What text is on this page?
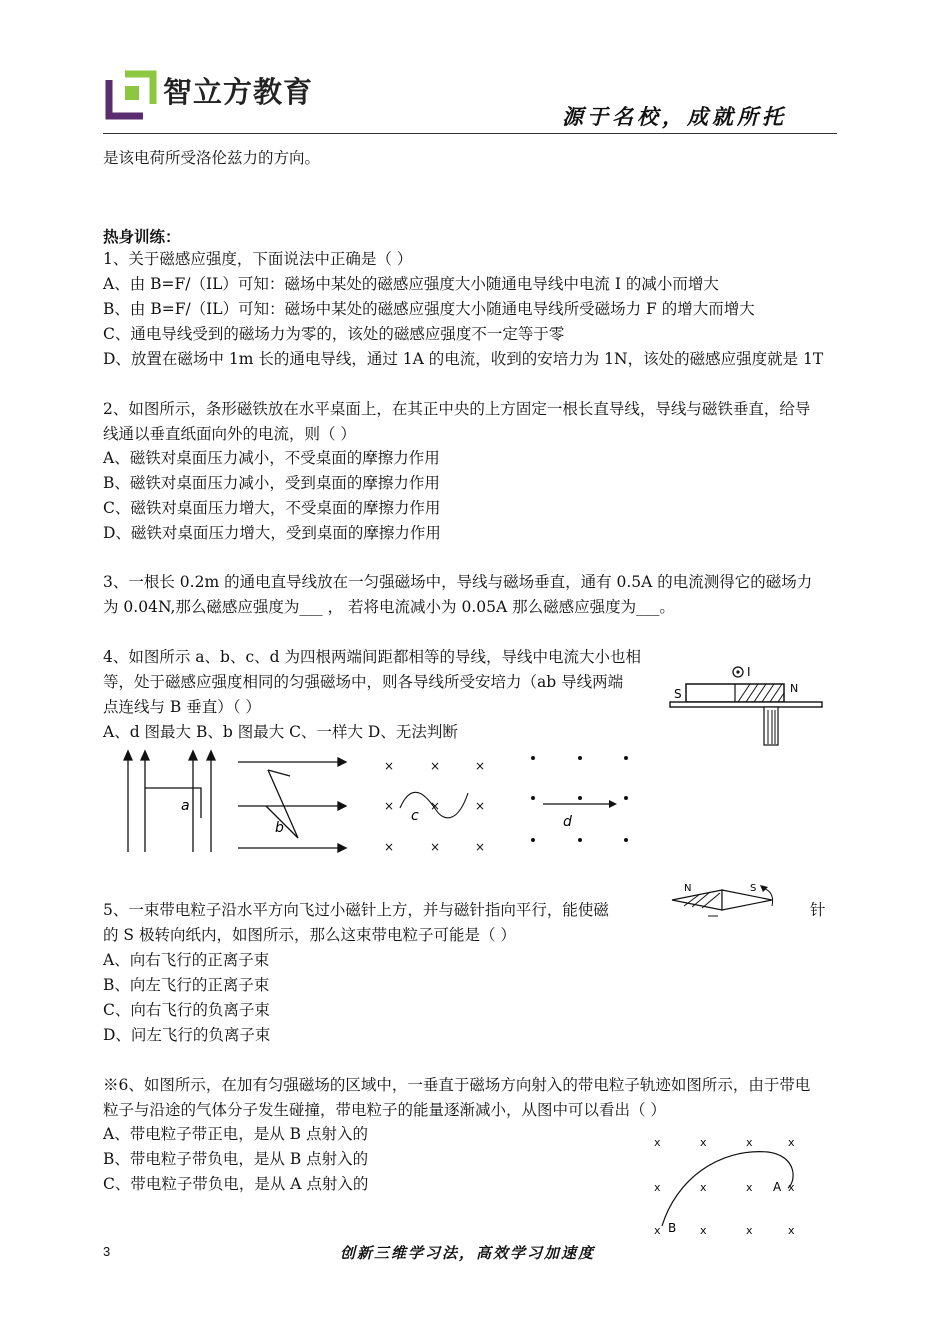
智立方教育
源于名校，成就所托
是该电荷所受洛伦兹力的方向。
热身训练：
1、关于磁感应强度，下面说法中正确是（ ）
A、由 B=F/（IL）可知：磁场中某处的磁感应强度大小随通电导线中电流 I 的减小而增大
B、由 B=F/（IL）可知：磁场中某处的磁感应强度大小随通电导线所受磁场力 F 的增大而增大
C、通电导线受到的磁场力为零的，该处的磁感应强度不一定等于零
D、放置在磁场中 1m 长的通电导线，通过 1A 的电流，收到的安培力为 1N，该处的磁感应强度就是 1T
2、如图所示，条形磁铁放在水平桌面上，在其正中央的上方固定一根长直导线，导线与磁铁垂直，给导
线通以垂直纸面向外的电流，则（ ）
A、磁铁对桌面压力减小，不受桌面的摩擦力作用
B、磁铁对桌面压力减小，受到桌面的摩擦力作用
C、磁铁对桌面压力增大，不受桌面的摩擦力作用
D、磁铁对桌面压力增大，受到桌面的摩擦力作用
3、一根长 0.2m 的通电直导线放在一匀强磁场中，导线与磁场垂直，通有 0.5A 的电流测得它的磁场力
为 0.04N,那么磁感应强度为___ ， 若将电流减小为 0.05A 那么磁感应强度为___。
4、如图所示 a、b、c、d 为四根两端间距都相等的导线，导线中电流大小也相
等，处于磁感应强度相同的匀强磁场中，则各导线所受安培力（ab 导线两端
点连线与 B 垂直）（ ）
A、d 图最大 B、b 图最大 C、一样大 D、无法判断
I
S	N
a
b
×	×	×
×	×	×
×	×	×
c	d
5、一束带电粒子沿水平方向飞过小磁针上方，并与磁针指向平行，能使磁	针
的 S 极转向纸内，如图所示，那么这束带电粒子可能是（ ）
A、向右飞行的正离子束
B、向左飞行的正离子束
C、向右飞行的负离子束
D、问左飞行的负离子束
N	S
※6、如图所示，在加有匀强磁场的区域中，一垂直于磁场方向射入的带电粒子轨迹如图所示，由于带电
粒子与沿途的气体分子发生碰撞，带电粒子的能量逐渐减小，从图中可以看出（ ）
A、带电粒子带正电，是从 B 点射入的
B、带电粒子带负电，是从 B 点射入的
C、带电粒子带负电，是从 A 点射入的
x	x	x	x
x	x	x	x
x	x	x	x
A
B
3	创新三维学习法，高效学习加速度
